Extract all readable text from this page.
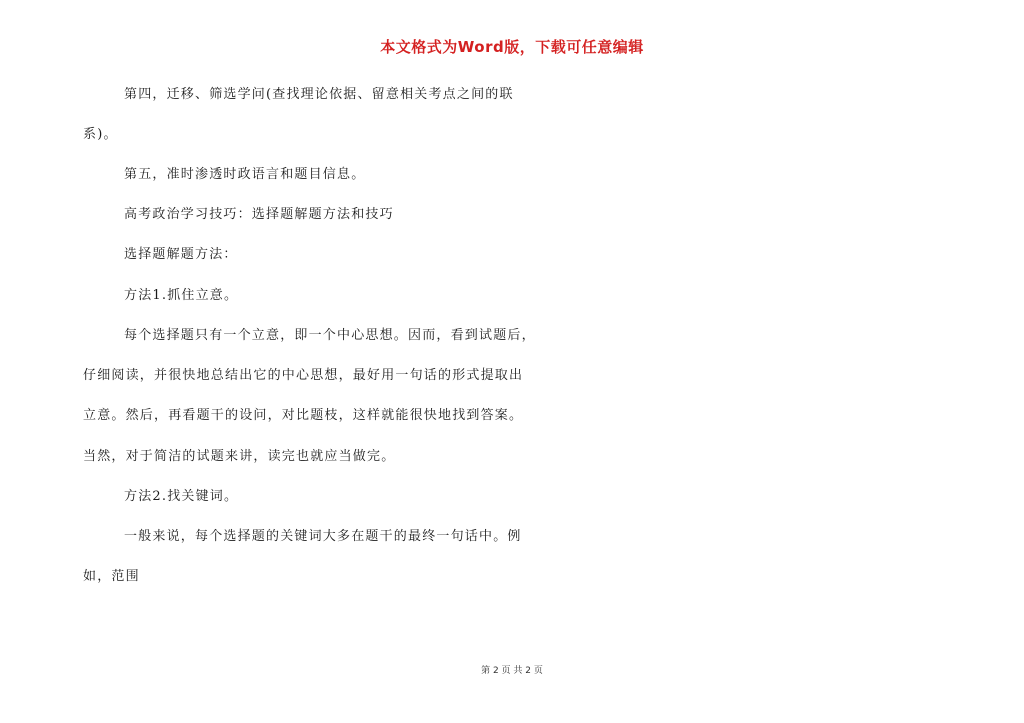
本文格式为Word版，下载可任意编辑
第四，迁移、筛选学问(查找理论依据、留意相关考点之间的联
系)。
第五，准时渗透时政语言和题目信息。
高考政治学习技巧：选择题解题方法和技巧
选择题解题方法：
方法1.抓住立意。
每个选择题只有一个立意，即一个中心思想。因而，看到试题后，
仔细阅读，并很快地总结出它的中心思想，最好用一句话的形式提取出
立意。然后，再看题干的设问，对比题枝，这样就能很快地找到答案。
当然，对于简洁的试题来讲，读完也就应当做完。
方法2.找关键词。
一般来说，每个选择题的关键词大多在题干的最终一句话中。例
如，范围
第 2 页 共 2 页
